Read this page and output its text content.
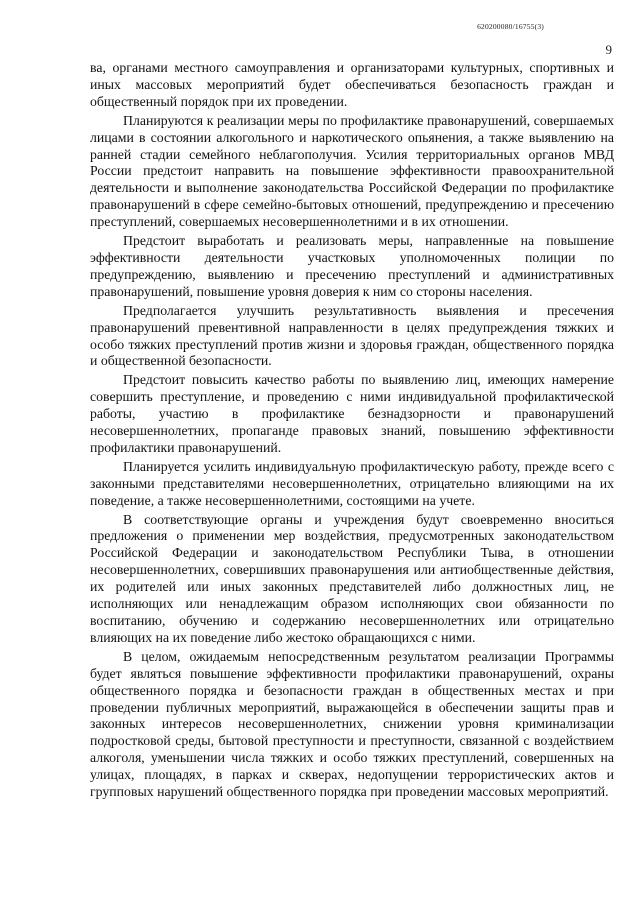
620200080/16755(3)
9

ва, органами местного самоуправления и организаторами культурных, спортивных и иных массовых мероприятий будет обеспечиваться безопасность граждан и общественный порядок при их проведении.

Планируются к реализации меры по профилактике правонарушений, совершаемых лицами в состоянии алкогольного и наркотического опьянения, а также выявлению на ранней стадии семейного неблагополучия. Усилия территориальных органов МВД России предстоит направить на повышение эффективности правоохранительной деятельности и выполнение законодательства Российской Федерации по профилактике правонарушений в сфере семейно-бытовых отношений, предупреждению и пресечению преступлений, совершаемых несовершеннолетними и в их отношении.

Предстоит выработать и реализовать меры, направленные на повышение эффективности деятельности участковых уполномоченных полиции по предупреждению, выявлению и пресечению преступлений и административных правонарушений, повышение уровня доверия к ним со стороны населения.

Предполагается улучшить результативность выявления и пресечения правонарушений превентивной направленности в целях предупреждения тяжких и особо тяжких преступлений против жизни и здоровья граждан, общественного порядка и общественной безопасности.

Предстоит повысить качество работы по выявлению лиц, имеющих намерение совершить преступление, и проведению с ними индивидуальной профилактической работы, участию в профилактике безнадзорности и правонарушений несовершеннолетних, пропаганде правовых знаний, повышению эффективности профилактики правонарушений.

Планируется усилить индивидуальную профилактическую работу, прежде всего с законными представителями несовершеннолетних, отрицательно влияющими на их поведение, а также несовершеннолетними, состоящими на учете.

В соответствующие органы и учреждения будут своевременно вноситься предложения о применении мер воздействия, предусмотренных законодательством Российской Федерации и законодательством Республики Тыва, в отношении несовершеннолетних, совершивших правонарушения или антиобщественные действия, их родителей или иных законных представителей либо должностных лиц, не исполняющих или ненадлежащим образом исполняющих свои обязанности по воспитанию, обучению и содержанию несовершеннолетних или отрицательно влияющих на их поведение либо жестоко обращающихся с ними.

В целом, ожидаемым непосредственным результатом реализации Программы будет являться повышение эффективности профилактики правонарушений, охраны общественного порядка и безопасности граждан в общественных местах и при проведении публичных мероприятий, выражающейся в обеспечении защиты прав и законных интересов несовершеннолетних, снижении уровня криминализации подростковой среды, бытовой преступности и преступности, связанной с воздействием алкоголя, уменьшении числа тяжких и особо тяжких преступлений, совершенных на улицах, площадях, в парках и скверах, недопущении террористических актов и групповых нарушений общественного порядка при проведении массовых мероприятий.
